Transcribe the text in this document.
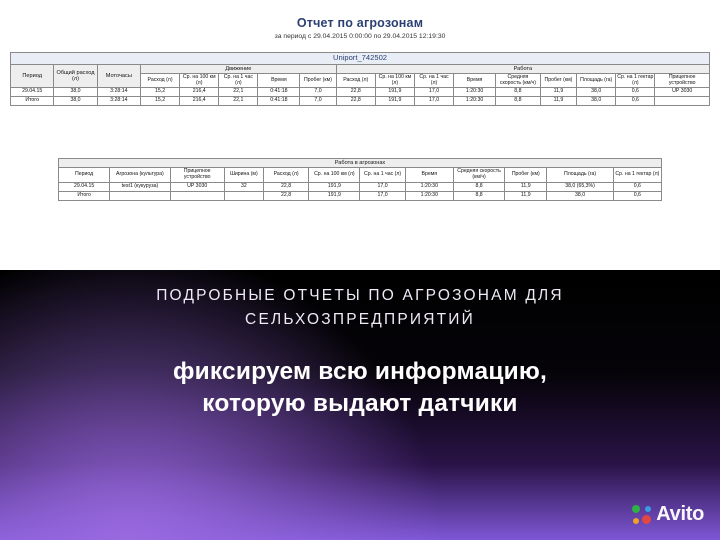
Отчет по агрозонам
за период с 29.04.2015 0:00:00 по 29.04.2015 12:19:30
Uniport_742502																
Период	Общий расход (л)	Моточасы	Движение					Работа								
			Расход (л)	Ср. на 100 км (л)	Ср. на 1 час (л)	Время	Пробег (км)	Расход (л)	Ср. на 100 км (л)	Ср. на 1 час (л)	Время	Средняя скорость (км/ч)	Пробег (км)	Площадь (га)	Ср. на 1 гектар (л)	Прицепное устройство
29.04.15	38,0	3:28:14	15,2	216,4	22,1	0:41:18	7,0	22,8	191,9	17,0	1:20:30	8,8	11,9	38,0	0,6	UP 3030
Итого	38,0	3:28:14	15,2	216,4	22,1	0:41:18	7,0	22,8	191,9	17,0	1:20:30	8,8	11,9	38,0	0,6	
Работа в агрозонах											
Период	Агрозона (культура)	Прицепное устройство	Ширина (м)	Расход (л)	Ср. на 100 км (л)	Ср. на 1 час (л)	Время	Средняя скорость (км/ч)	Пробег (км)	Площадь (га)	Ср. на 1 гектар (л)
29.04.15	test1 (кукуруза)	UP 3030	32	22,8	191,9	17,0	1:20:30	8,8	11,9	38,0 (65,3%)	0,6
Итого				22,8	191,9	17,0	1:20:30	8,8	11,9	38,0	0,6
ПОДРОБНЫЕ ОТЧЕТЫ ПО АГРОЗОНАМ ДЛЯ СЕЛЬХОЗПРЕДПРИЯТИЙ
фиксируем всю информацию,
которую выдают датчики
Avito
